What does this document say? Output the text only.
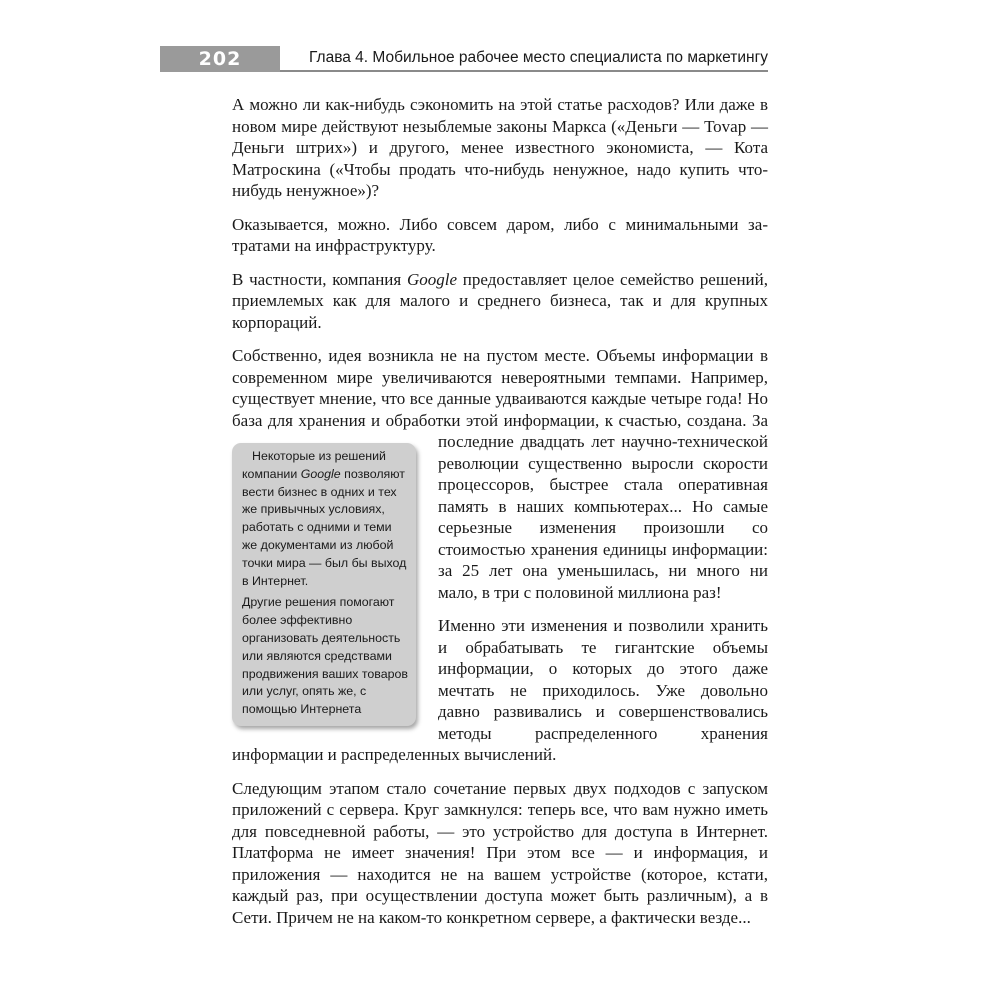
202	Глава 4. Мобильное рабочее место специалиста по маркетингу

А можно ли как-нибудь сэкономить на этой статье расходов? Или даже в новом мире действуют незыблемые законы Маркса («Деньги — Тоvар — Деньги штрих») и другого, менее известного экономиста, — Кота Матроскина («Чтобы продать что-нибудь ненужное, надо купить чтонибудь ненужное»)?

Оказывается, можно. Либо совсем даром, либо с минимальными затратами на инфраструктуру.

В частности, компания Google предоставляет целое семейство решений, приемлемых как для малого и среднего бизнеса, так и для крупных корпораций.

Собственно, идея возникла не на пустом месте. Объемы информации в современном мире увеличиваются невероятными темпами. Например, существует мнение, что все данные удваиваются каждые четыре года! Но база для хранения и обработки этой информации, к счастью,

Некоторые из решений компании Google позволяют вести бизнес в одних и тех же привычных условиях, работать с одними и теми же документами из любой точки мира — был бы выход в Интернет.

Другие решения помогают более эффективно организовать деятельность или являются средствами продвижения ваших товаров или услуг, опять же, с помощью Интернета

создана. За последние двадцать лет научно-технической революции существенно выросли скорости процессоров, быстрее стала оперативная память в наших компьютерах... Но самые серьезные изменения произошли со стоимостью хранения единицы информации: за 25 лет она уменьшилась, ни много ни мало, в три с половиной миллиона раз!

Именно эти изменения и позволили хранить и обрабатывать те гигантские объемы информации, о которых до этого даже мечтать не приходилось. Уже довольно давно развивались и совершенствовались методы распределенного хранения информации и распределенных вычислений.

Следующим этапом стало сочетание первых двух подходов с запуском приложений с сервера. Круг замкнулся: теперь все, что вам нужно иметь для повседневной работы, — это устройство для доступа в Интернет. Платформа не имеет значения! При этом все — и информация, и приложения — находится не на вашем устройстве (которое, кстати, каждый раз, при осуществлении доступа может быть различным), а в Сети. Причем не на каком-то конкретном сервере, а фактически везде...
